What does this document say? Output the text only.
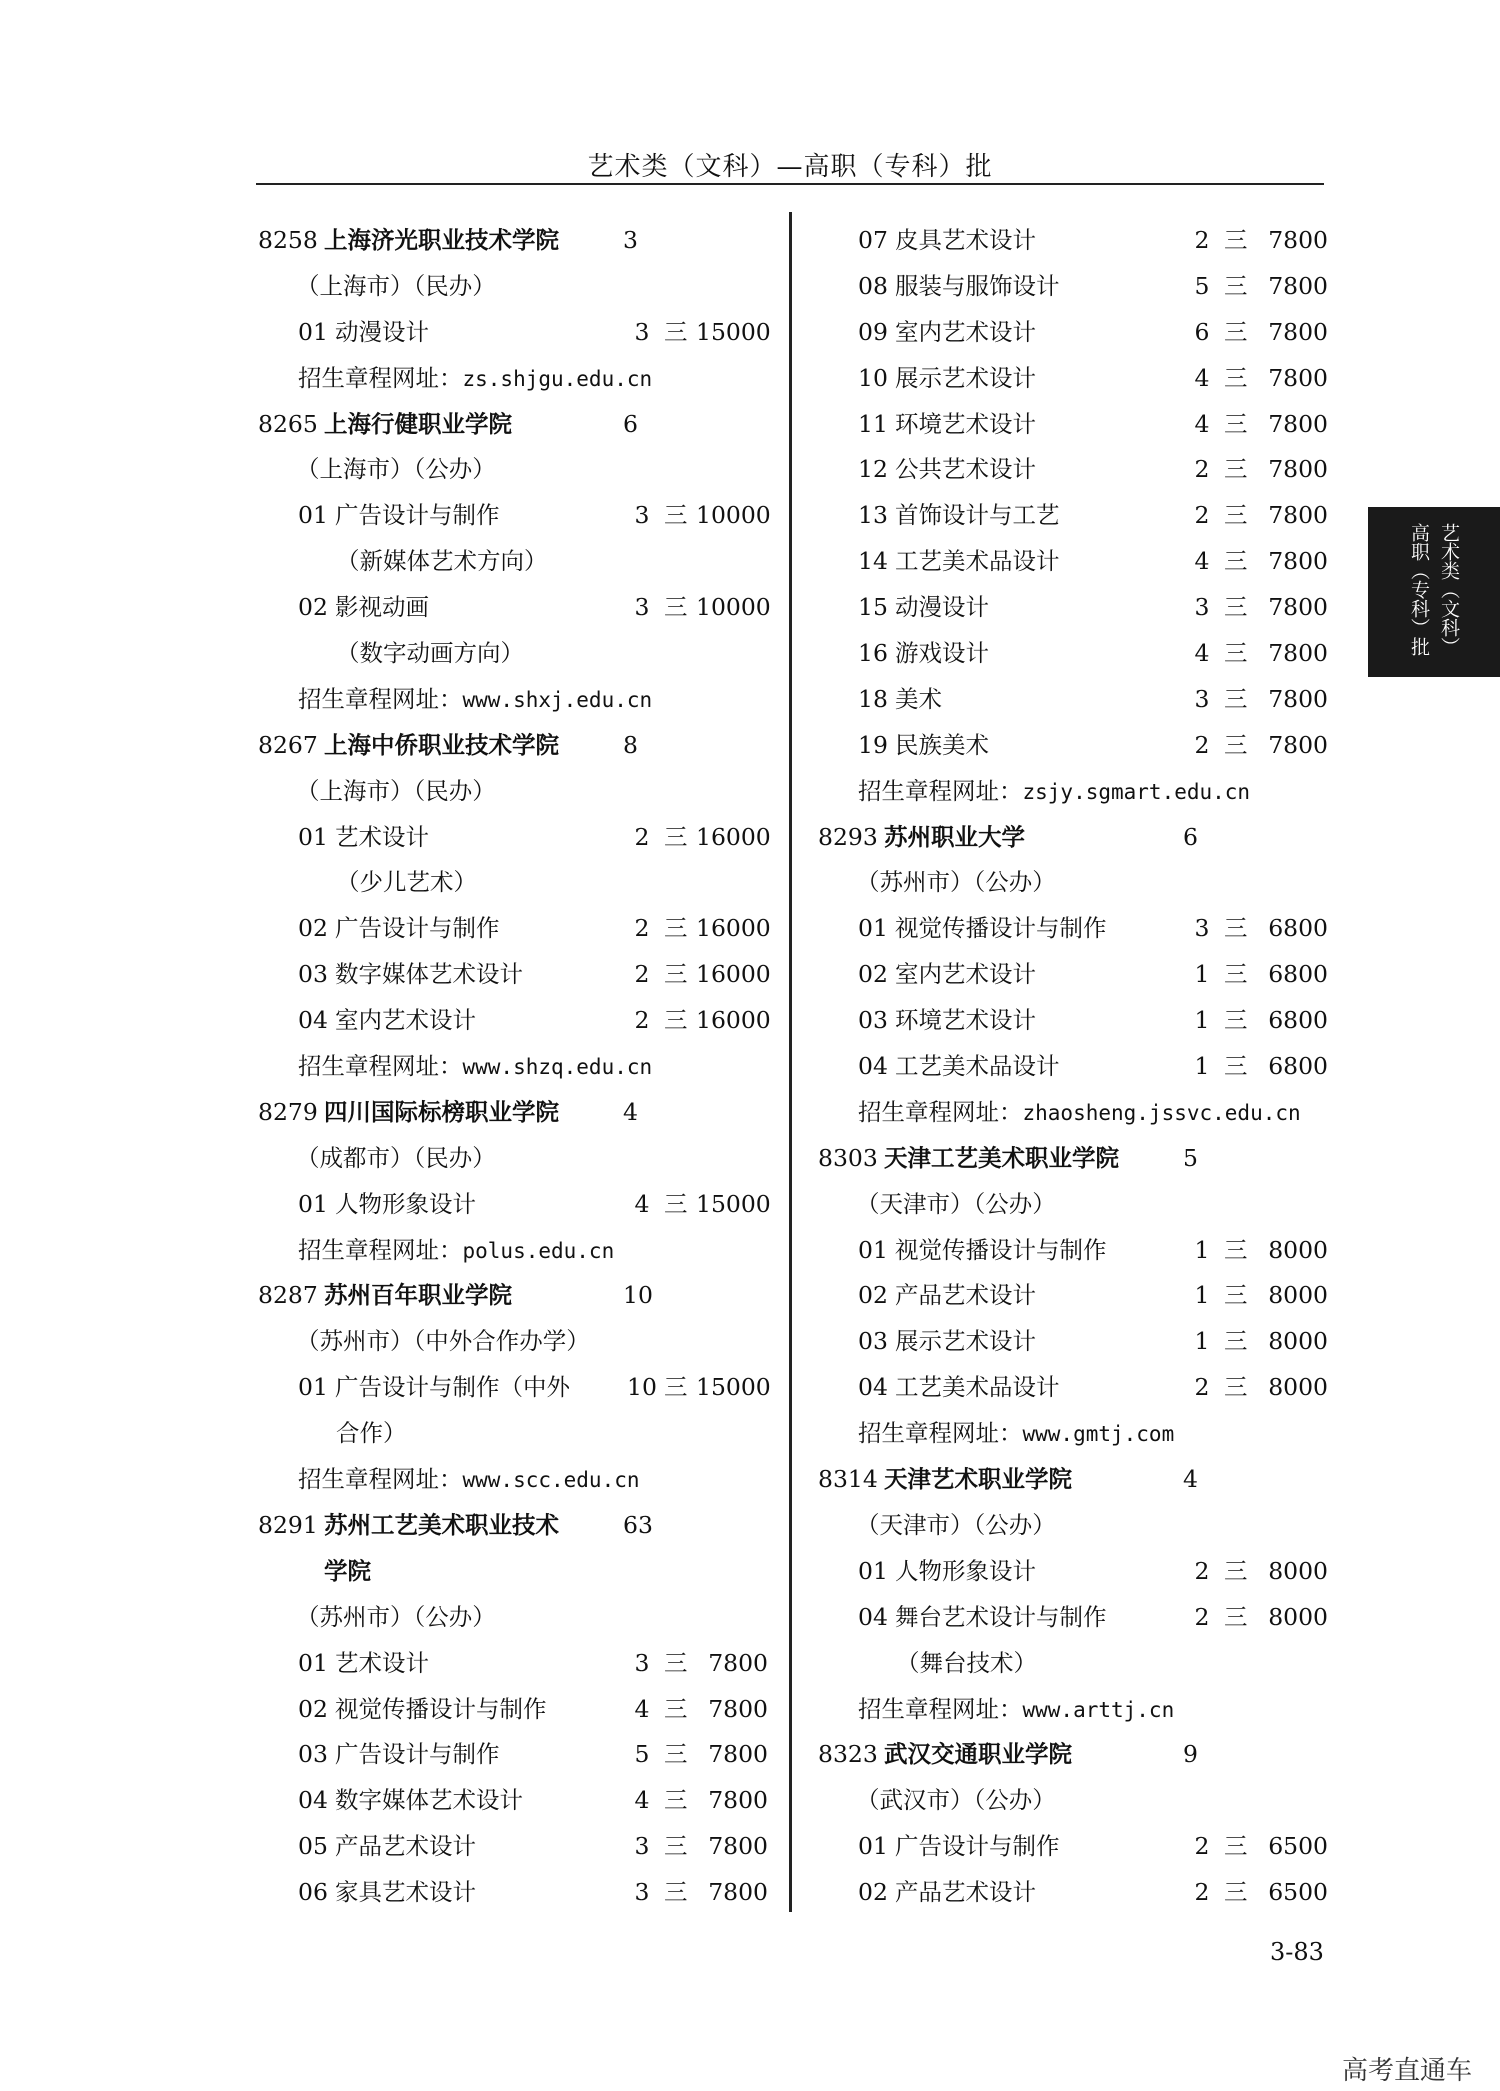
艺术类（文科）—高职（专科）批
8258 上海济光职业技术学院	3
（上海市）（民办）
01 动漫设计	3 三 15000
招生章程网址：zs.shjgu.edu.cn
8265 上海行健职业学院	6
（上海市）（公办）
01 广告设计与制作	3 三 10000
（新媒体艺术方向）
02 影视动画	3 三 10000
（数字动画方向）
招生章程网址：www.shxj.edu.cn
8267 上海中侨职业技术学院	8
（上海市）（民办）
01 艺术设计	2 三 16000
（少儿艺术）
02 广告设计与制作	2 三 16000
03 数字媒体艺术设计	2 三 16000
04 室内艺术设计	2 三 16000
招生章程网址：www.shzq.edu.cn
8279 四川国际标榜职业学院	4
（成都市）（民办）
01 人物形象设计	4 三 15000
招生章程网址：polus.edu.cn
8287 苏州百年职业学院	10
（苏州市）（中外合作办学）
01 广告设计与制作（中外 10 三 15000
合作）
招生章程网址：www.scc.edu.cn
8291 苏州工艺美术职业技术	63
学院
（苏州市）（公办）
01 艺术设计	3 三 7800
02 视觉传播设计与制作	4 三 7800
03 广告设计与制作	5 三 7800
04 数字媒体艺术设计	4 三 7800
05 产品艺术设计	3 三 7800
06 家具艺术设计	3 三 7800
07 皮具艺术设计	2 三 7800
08 服装与服饰设计	5 三 7800
09 室内艺术设计	6 三 7800
10 展示艺术设计	4 三 7800
11 环境艺术设计	4 三 7800
12 公共艺术设计	2 三 7800
13 首饰设计与工艺	2 三 7800
14 工艺美术品设计	4 三 7800
15 动漫设计	3 三 7800
16 游戏设计	4 三 7800
18 美术	3 三 7800
19 民族美术	2 三 7800
招生章程网址：zsjy.sgmart.edu.cn
8293 苏州职业大学	6
（苏州市）（公办）
01 视觉传播设计与制作	3 三 6800
02 室内艺术设计	1 三 6800
03 环境艺术设计	1 三 6800
04 工艺美术品设计	1 三 6800
招生章程网址：zhaosheng.jssvc.edu.cn
8303 天津工艺美术职业学院	5
（天津市）（公办）
01 视觉传播设计与制作	1 三 8000
02 产品艺术设计	1 三 8000
03 展示艺术设计	1 三 8000
04 工艺美术品设计	2 三 8000
招生章程网址：www.gmtj.com
8314 天津艺术职业学院	4
（天津市）（公办）
01 人物形象设计	2 三 8000
04 舞台艺术设计与制作	2 三 8000
（舞台技术）
招生章程网址：www.arttj.cn
8323 武汉交通职业学院	9
（武汉市）（公办）
01 广告设计与制作	2 三 6500
02 产品艺术设计	2 三 6500
艺术类（文科）
高职（专科）批
3-83
高考直通车
